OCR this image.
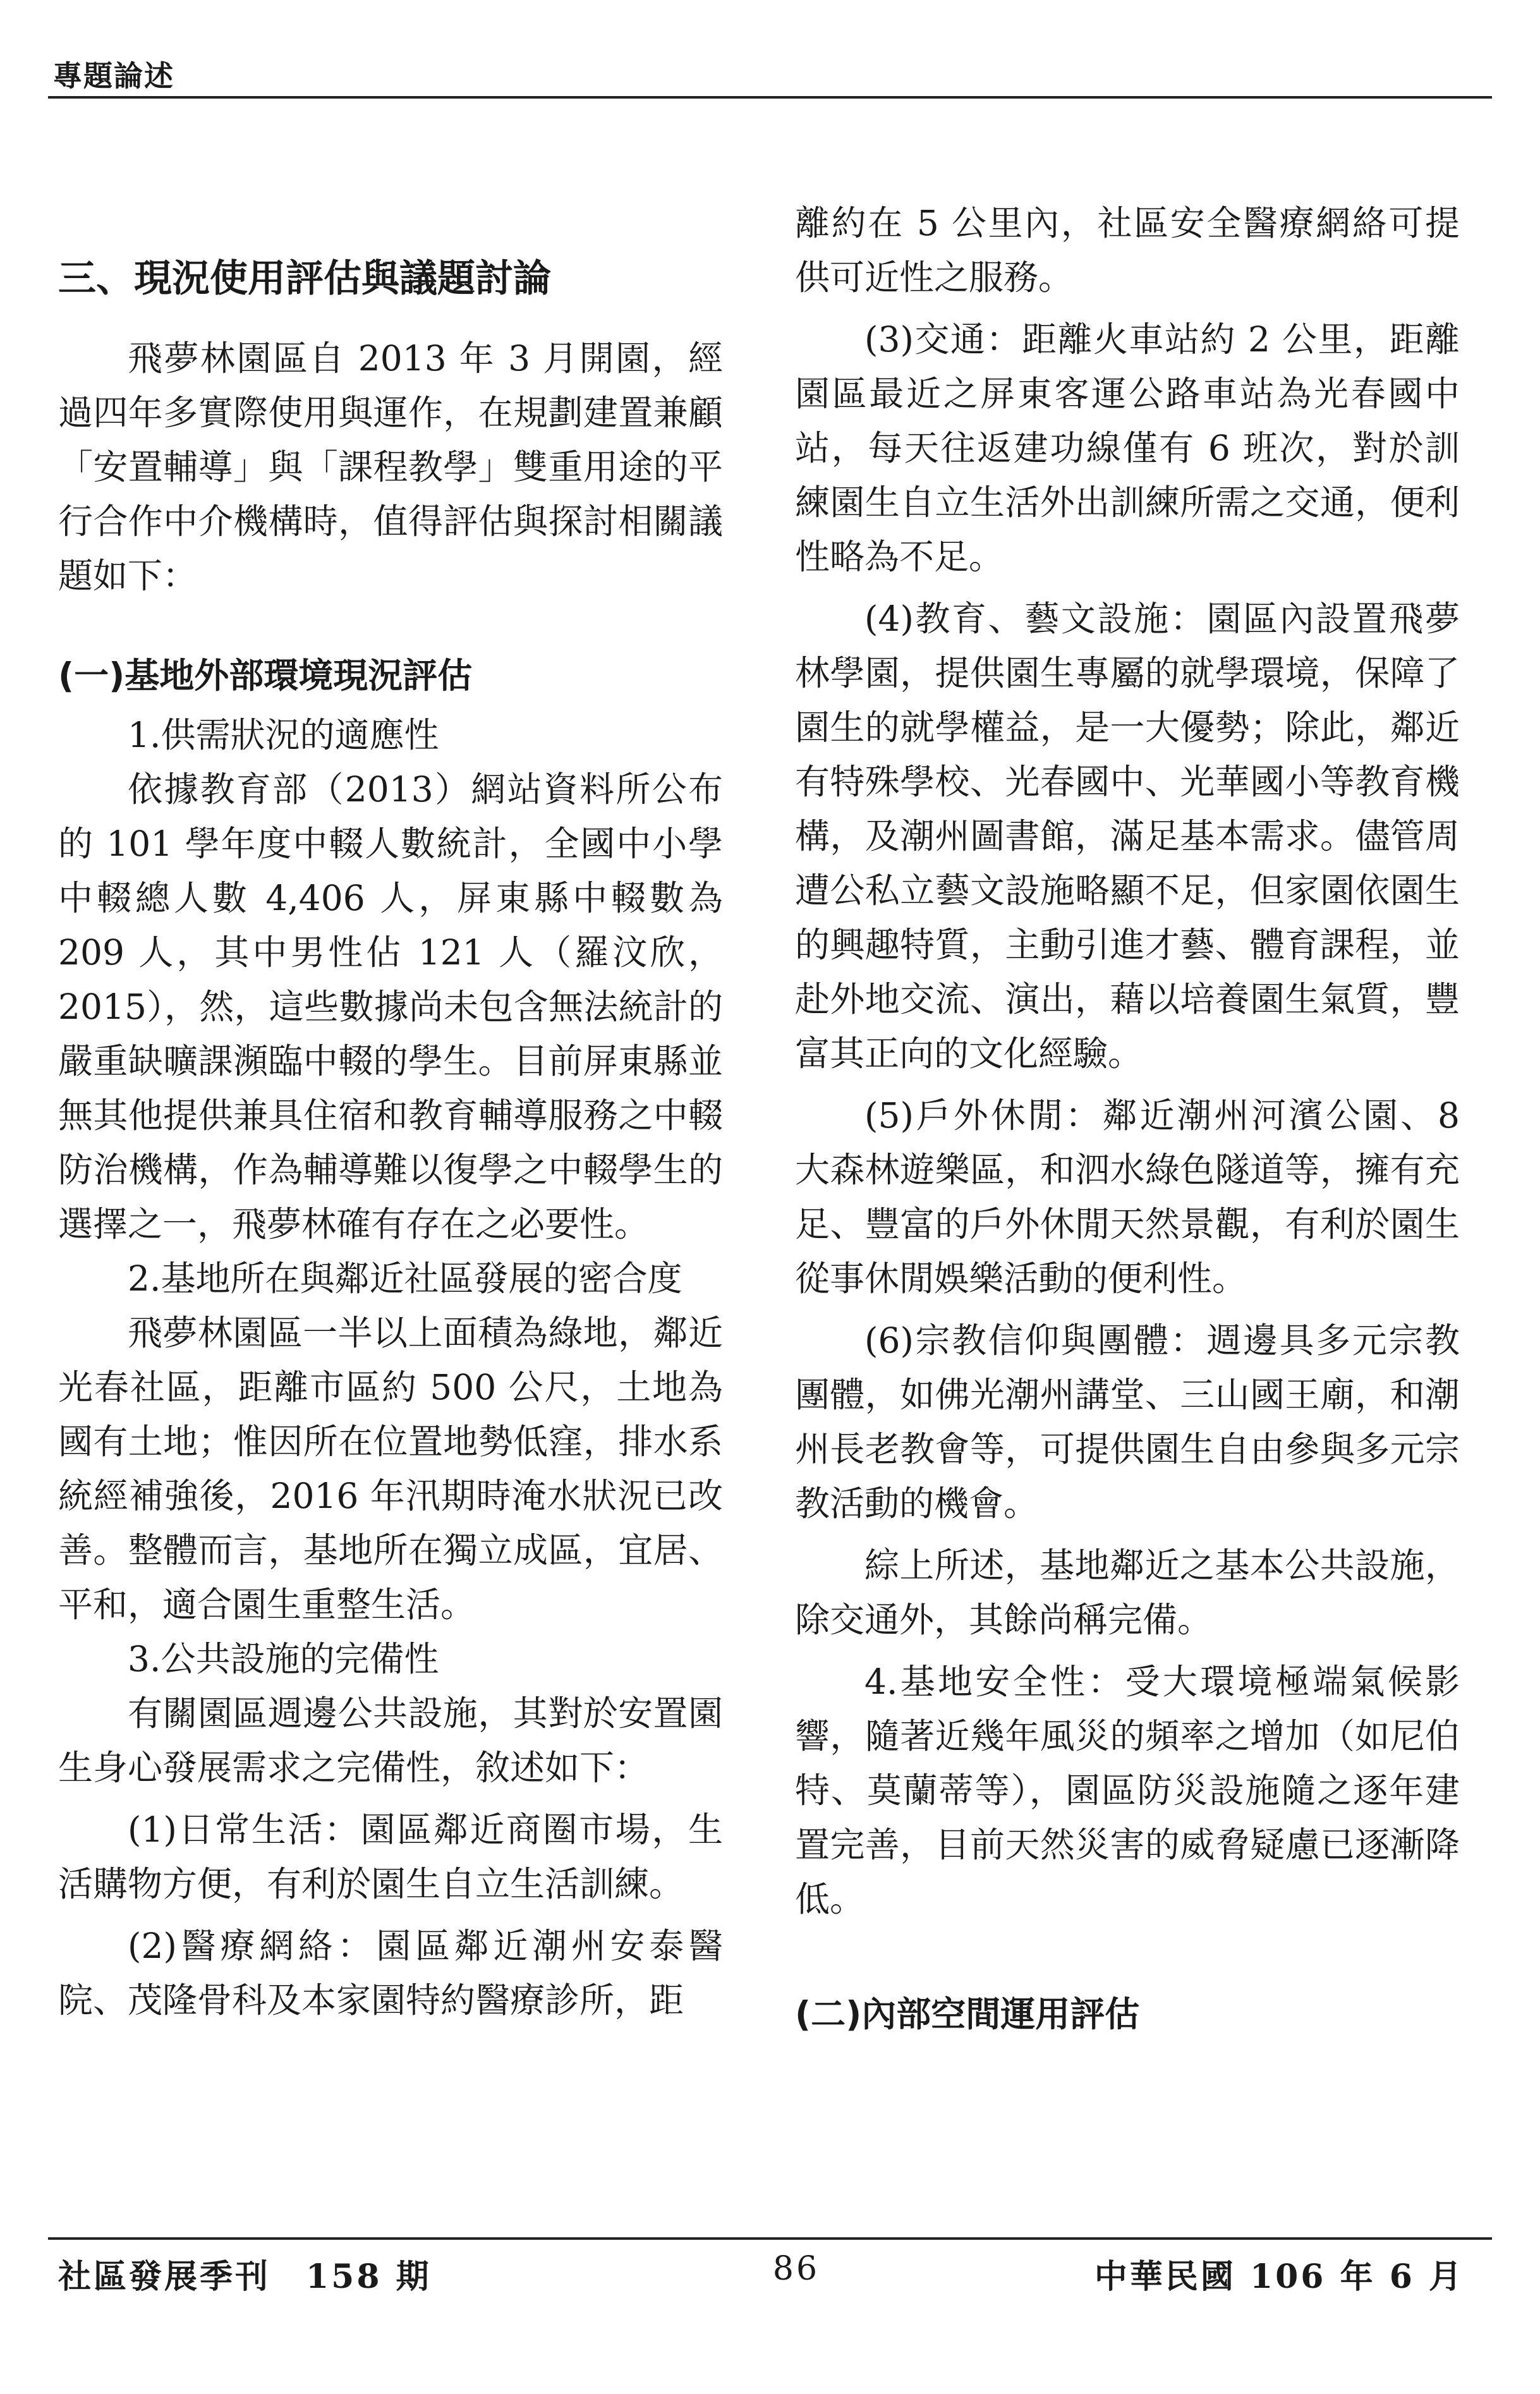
專題論述
三、現況使用評估與議題討論

飛夢林園區自 2013 年 3 月開園，經過四年多實際使用與運作，在規劃建置兼顧「安置輔導」與「課程教學」雙重用途的平行合作中介機構時，值得評估與探討相關議題如下：

(一)基地外部環境現況評估

1.供需狀況的適應性

依據教育部（2013）網站資料所公布的 101 學年度中輟人數統計，全國中小學中輟總人數 4,406 人，屏東縣中輟數為 209 人，其中男性佔 121 人（羅汶欣，2015），然，這些數據尚未包含無法統計的嚴重缺曠課瀕臨中輟的學生。目前屏東縣並無其他提供兼具住宿和教育輔導服務之中輟防治機構，作為輔導難以復學之中輟學生的選擇之一，飛夢林確有存在之必要性。

2.基地所在與鄰近社區發展的密合度

飛夢林園區一半以上面積為綠地，鄰近光春社區，距離市區約 500 公尺，土地為國有土地；惟因所在位置地勢低窪，排水系統經補強後，2016 年汛期時淹水狀況已改善。整體而言，基地所在獨立成區，宜居、平和，適合園生重整生活。

3.公共設施的完備性

有關園區週邊公共設施，其對於安置園生身心發展需求之完備性，敘述如下：

(1)日常生活：園區鄰近商圈市場，生活購物方便，有利於園生自立生活訓練。

(2)醫療網絡：園區鄰近潮州安泰醫院、茂隆骨科及本家園特約醫療診所，距

離約在 5 公里內，社區安全醫療網絡可提供可近性之服務。

(3)交通：距離火車站約 2 公里，距離園區最近之屏東客運公路車站為光春國中站，每天往返建功線僅有 6 班次，對於訓練園生自立生活外出訓練所需之交通，便利性略為不足。

(4)教育、藝文設施：園區內設置飛夢林學園，提供園生專屬的就學環境，保障了園生的就學權益，是一大優勢；除此，鄰近有特殊學校、光春國中、光華國小等教育機構，及潮州圖書館，滿足基本需求。儘管周遭公私立藝文設施略顯不足，但家園依園生的興趣特質，主動引進才藝、體育課程，並赴外地交流、演出，藉以培養園生氣質，豐富其正向的文化經驗。

(5)戶外休閒：鄰近潮州河濱公園、8 大森林遊樂區，和泗水綠色隧道等，擁有充足、豐富的戶外休閒天然景觀，有利於園生從事休閒娛樂活動的便利性。

(6)宗教信仰與團體：週邊具多元宗教團體，如佛光潮州講堂、三山國王廟，和潮州長老教會等，可提供園生自由參與多元宗教活動的機會。

綜上所述，基地鄰近之基本公共設施，除交通外，其餘尚稱完備。

4.基地安全性：受大環境極端氣候影響，隨著近幾年風災的頻率之增加（如尼伯特、莫蘭蒂等），園區防災設施隨之逐年建置完善，目前天然災害的威脅疑慮已逐漸降低。

(二)內部空間運用評估
社區發展季刊　158 期	86	中華民國 106 年 6 月
